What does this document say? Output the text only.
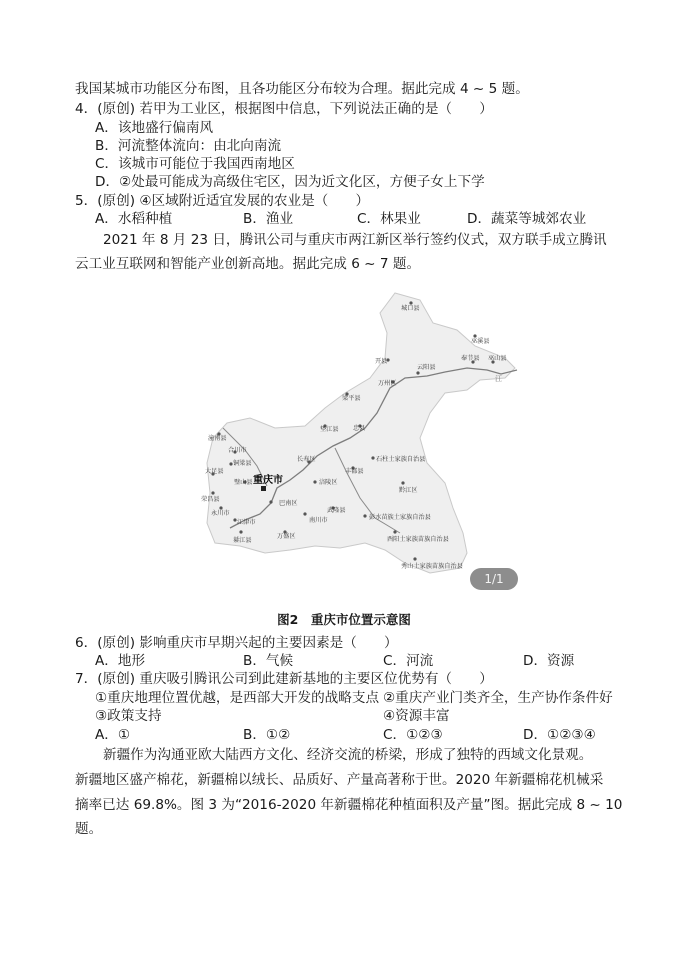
我国某城市功能区分布图，且各功能区分布较为合理。据此完成 4 ~ 5 题。
4．(原创) 若甲为工业区，根据图中信息，下列说法正确的是（　　）
A．该地盛行偏南风
B．河流整体流向：由北向南流
C．该城市可能位于我国西南地区
D．②处最可能成为高级住宅区，因为近文化区，方便子女上下学
5．(原创) ④区域附近适宜发展的农业是（　　）
A．水稻种植	B．渔业	C．林果业	D．蔬菜等城郊农业
2021 年 8 月 23 日，腾讯公司与重庆市两江新区举行签约仪式，双方联手成立腾讯
云工业互联网和智能产业创新高地。据此完成 6 ~ 7 题。
城口县
巫溪县
奉节县 巫山县
开县
云阳县
万州区
梁平县
垫江县 忠县
石柱土家族自治县
潼南县
合川市
铜梁县
大足县
璧山县
长寿区
丰都县
涪陵区
重庆市
荣昌县
永川市
巴南区
武隆县
彭水苗族土家族自治县
黔江区
江津市	南川市
綦江县
万盛区	酉阳土家族苗族自治县
秀山土家族苗族自治县
江
1/1
图2　重庆市位置示意图
6．(原创) 影响重庆市早期兴起的主要因素是（　　）
A．地形	B．气候	C．河流	D．资源
7．(原创) 重庆吸引腾讯公司到此建新基地的主要区位优势有（　　）
①重庆地理位置优越，是西部大开发的战略支点 ②重庆产业门类齐全，生产协作条件好
③政策支持	④资源丰富
A．①	B．①②	C．①②③	D．①②③④
新疆作为沟通亚欧大陆西方文化、经济交流的桥梁，形成了独特的西域文化景观。
新疆地区盛产棉花，新疆棉以绒长、品质好、产量高著称于世。2020 年新疆棉花机械采
摘率已达 69.8%。图 3 为“2016-2020 年新疆棉花种植面积及产量”图。据此完成 8 ~ 10
题。
